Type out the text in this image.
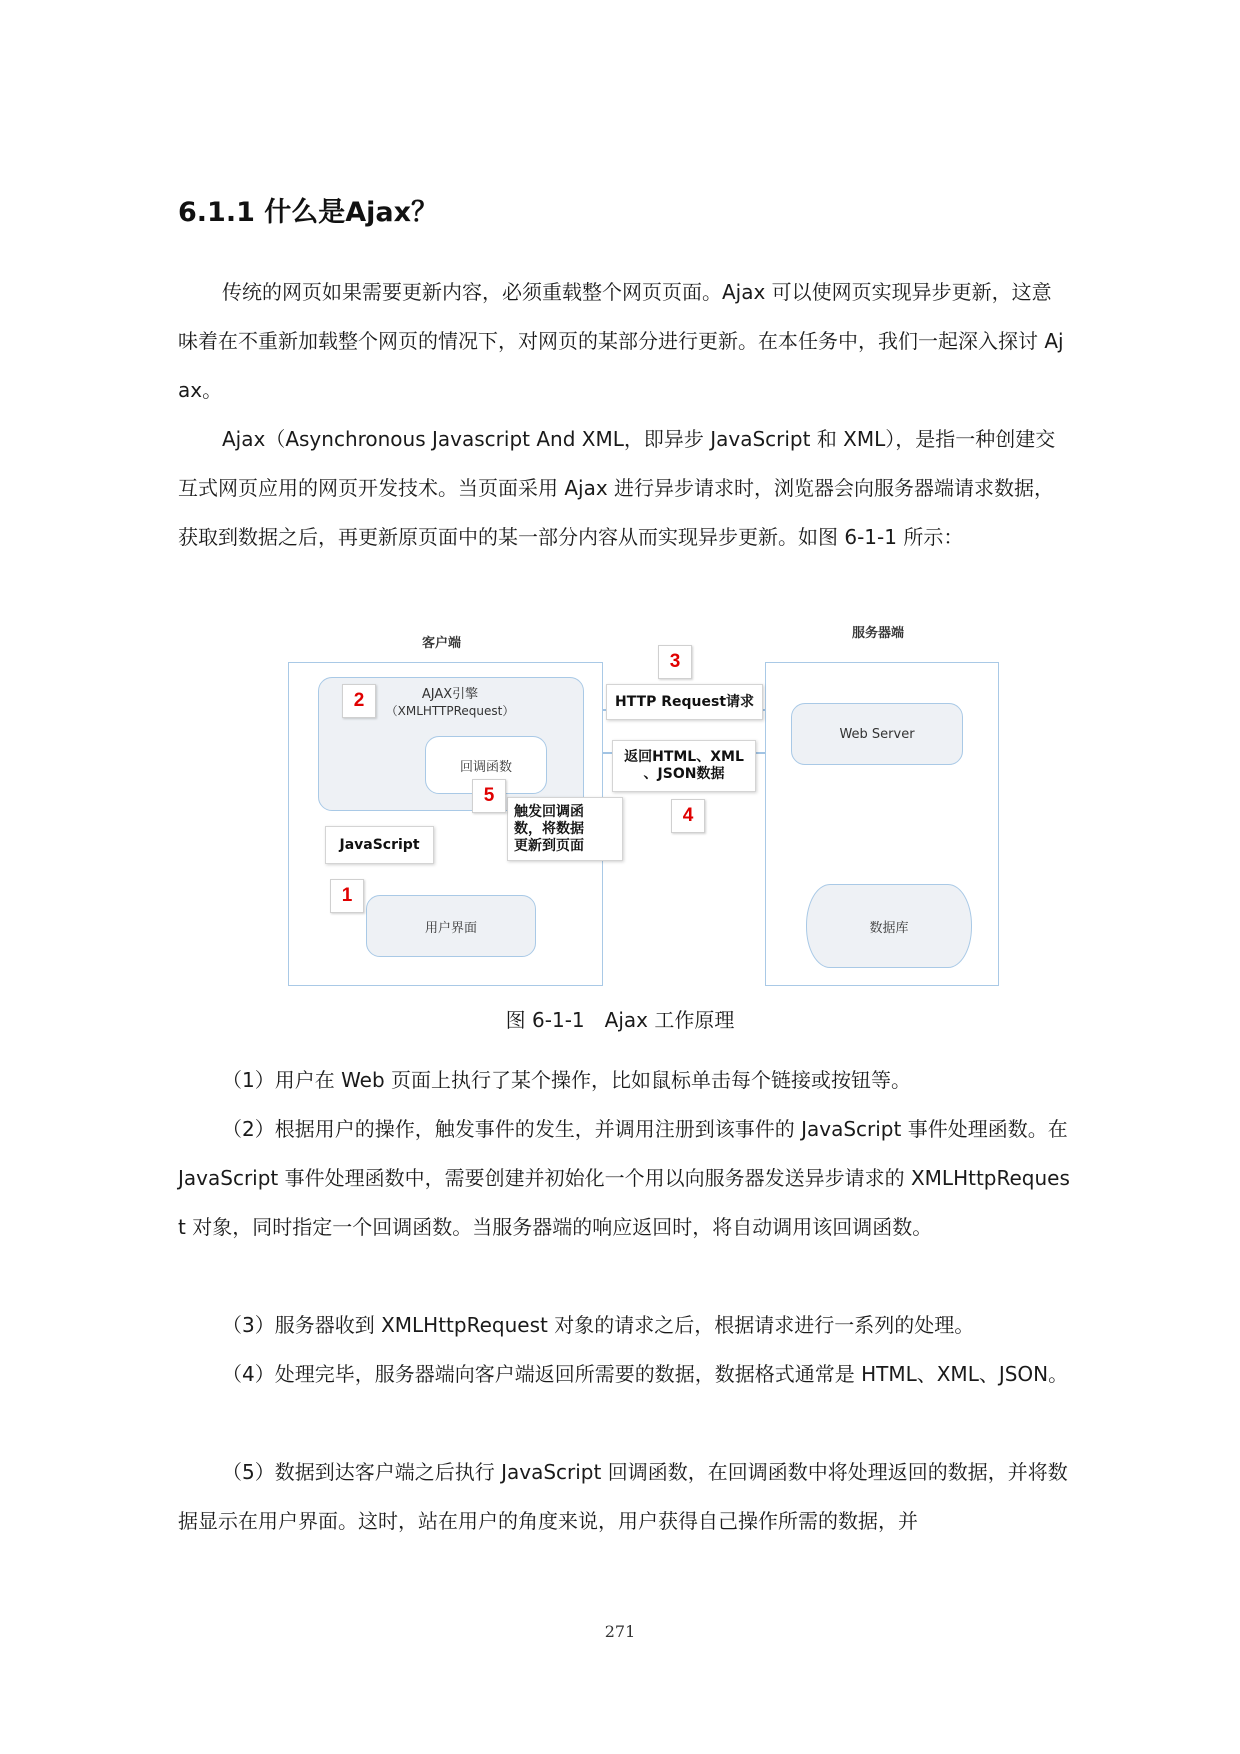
6.1.1 什么是Ajax？

传统的网页如果需要更新内容，必须重载整个网页页面。Ajax 可以使网页实现异步更新，这意味着在不重新加载整个网页的情况下，对网页的某部分进行更新。在本任务中，我们一起深入探讨 Ajax。

Ajax（Asynchronous Javascript And XML，即异步 JavaScript 和 XML），是指一种创建交互式网页应用的网页开发技术。当页面采用 Ajax 进行异步请求时，浏览器会向服务器端请求数据，获取到数据之后，再更新原页面中的某一部分内容从而实现异步更新。如图 6-1-1 所示：

客户端
服务器端
AJAX引擎
（XMLHTTPRequest）
回调函数
用户界面
JavaScript
Web Server
数据库
HTTP Request请求
返回HTML、XML
、JSON数据
触发回调函
数，将数据
更新到页面
1
2
3
4
5
图 6-1-1　Ajax 工作原理

（1）用户在 Web 页面上执行了某个操作，比如鼠标单击每个链接或按钮等。

（2）根据用户的操作，触发事件的发生，并调用注册到该事件的 JavaScript 事件处理函数。在 JavaScript 事件处理函数中，需要创建并初始化一个用以向服务器发送异步请求的 XMLHttpRequest 对象，同时指定一个回调函数。当服务器端的响应返回时，将自动调用该回调函数。

（3）服务器收到 XMLHttpRequest 对象的请求之后，根据请求进行一系列的处理。

（4）处理完毕，服务器端向客户端返回所需要的数据，数据格式通常是 HTML、XML、JSON。

（5）数据到达客户端之后执行 JavaScript 回调函数，在回调函数中将处理返回的数据，并将数据显示在用户界面。这时，站在用户的角度来说，用户获得自己操作所需的数据，并

271
